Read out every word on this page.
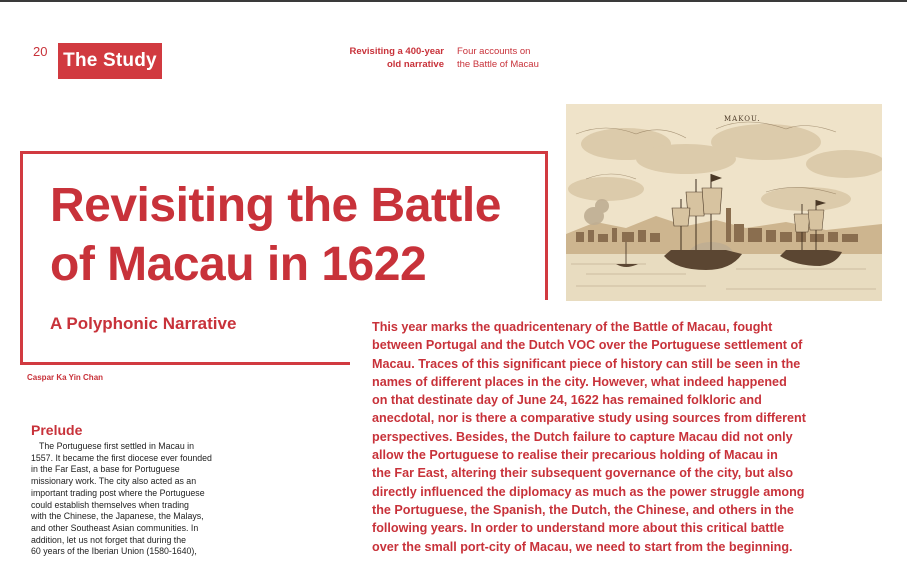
20 The Study	Revisiting a 400-year
old narrative
Four accounts on
the Battle of Macau
Revisiting the Battle
of Macau in 1622
A Polyphonic Narrative
Caspar Ka Yin Chan
MAKOU.
This year marks the quadricentenary of the Battle of Macau, fought
between Portugal and the Dutch VOC over the Portuguese settlement of
Macau. Traces of this significant piece of history can still be seen in the
names of different places in the city. However, what indeed happened
on that destinate day of June 24, 1622 has remained folkloric and
anecdotal, nor is there a comparative study using sources from different
perspectives. Besides, the Dutch failure to capture Macau did not only
allow the Portuguese to realise their precarious holding of Macau in
the Far East, altering their subsequent governance of the city, but also
directly influenced the diplomacy as much as the power struggle among
the Portuguese, the Spanish, the Dutch, the Chinese, and others in the
following years. In order to understand more about this critical battle
over the small port-city of Macau, we need to start from the beginning.
Prelude
The Portuguese first settled in Macau in
1557. It became the first diocese ever founded
in the Far East, a base for Portuguese
missionary work. The city also acted as an
important trading post where the Portuguese
could establish themselves when trading
with the Chinese, the Japanese, the Malays,
and other Southeast Asian communities. In
addition, let us not forget that during the
60 years of the Iberian Union (1580-1640),
